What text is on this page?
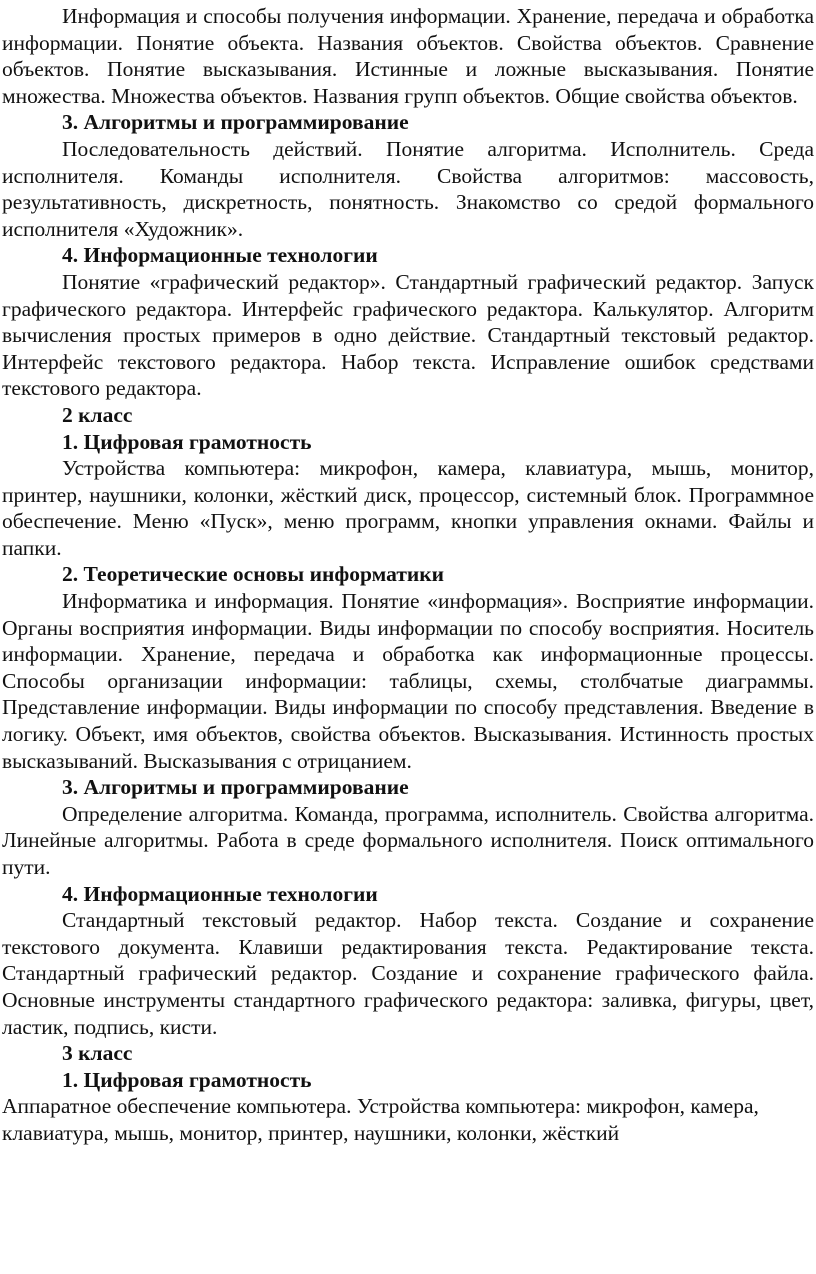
Информация и способы получения информации. Хранение, передача и обработка информации. Понятие объекта. Названия объектов. Свойства объектов. Сравнение объектов. Понятие высказывания. Истинные и ложные высказывания. Понятие множества. Множества объектов. Названия групп объектов. Общие свойства объектов.

3. Алгоритмы и программирование

Последовательность действий. Понятие алгоритма. Исполнитель. Среда исполнителя. Команды исполнителя. Свойства алгоритмов: массовость, результативность, дискретность, понятность. Знакомство со средой формального исполнителя «Художник».

4. Информационные технологии

Понятие «графический редактор». Стандартный графический редактор. Запуск графического редактора. Интерфейс графического редактора. Калькулятор. Алгоритм вычисления простых примеров в одно действие. Стандартный текстовый редактор. Интерфейс текстового редактора. Набор текста. Исправление ошибок средствами текстового редактора.

2 класс

1. Цифровая грамотность

Устройства компьютера: микрофон, камера, клавиатура, мышь, монитор, принтер, наушники, колонки, жёсткий диск, процессор, системный блок. Программное обеспечение. Меню «Пуск», меню программ, кнопки управления окнами. Файлы и папки.

2. Теоретические основы информатики

Информатика и информация. Понятие «информация». Восприятие информации. Органы восприятия информации. Виды информации по способу восприятия. Носитель информации. Хранение, передача и обработка как информационные процессы. Способы организации информации: таблицы, схемы, столбчатые диаграммы. Представление информации. Виды информации по способу представления. Введение в логику. Объект, имя объектов, свойства объектов. Высказывания. Истинность простых высказываний. Высказывания с отрицанием.

3. Алгоритмы и программирование

Определение алгоритма. Команда, программа, исполнитель. Свойства алгоритма. Линейные алгоритмы. Работа в среде формального исполнителя. Поиск оптимального пути.

4. Информационные технологии

Стандартный текстовый редактор. Набор текста. Создание и сохранение текстового документа. Клавиши редактирования текста. Редактирование текста. Стандартный графический редактор. Создание и сохранение графического файла. Основные инструменты стандартного графического редактора: заливка, фигуры, цвет, ластик, подпись, кисти.

3 класс

1. Цифровая грамотность

Аппаратное обеспечение компьютера. Устройства компьютера: микрофон, камера, клавиатура, мышь, монитор, принтер, наушники, колонки, жёсткий
